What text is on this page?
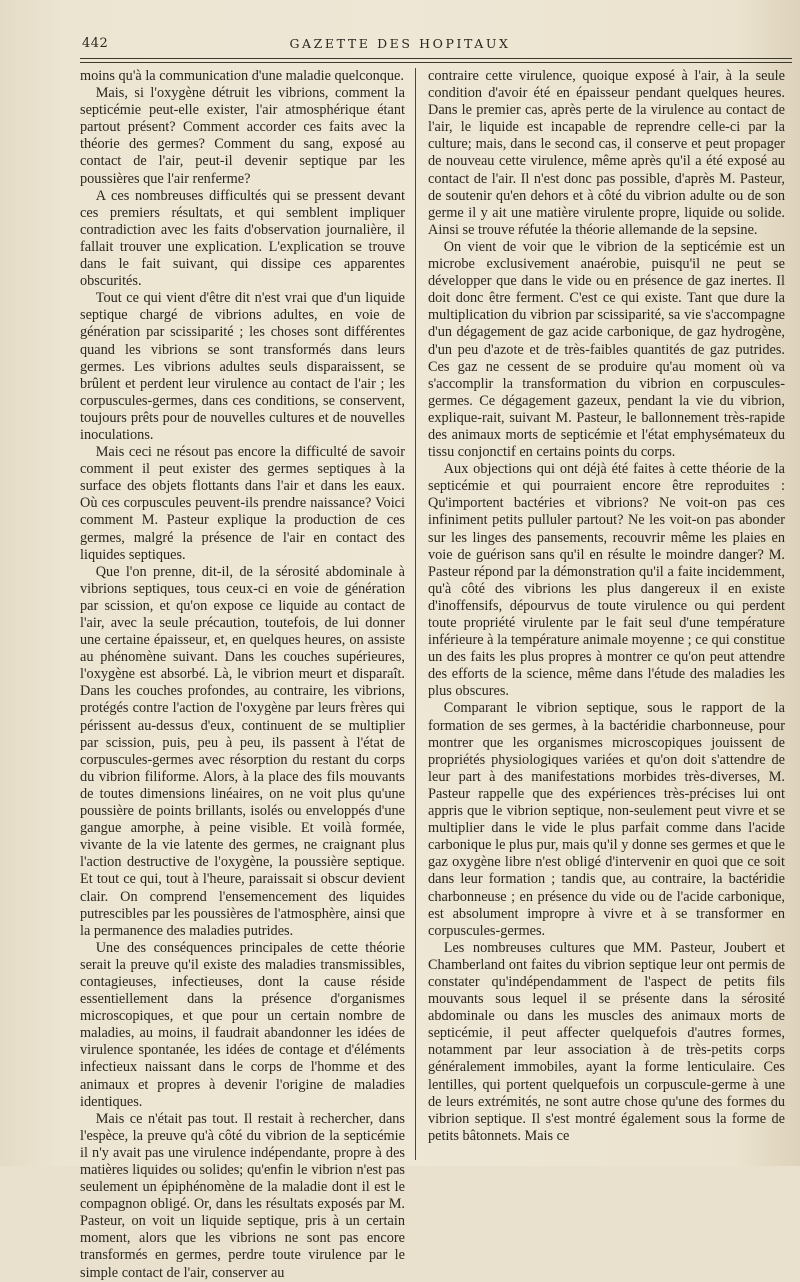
442	GAZETTE DES HOPITAUX

moins qu'à la communication d'une maladie quelconque.

Mais, si l'oxygène détruit les vibrions, comment la septicémie peut-elle exister, l'air atmosphérique étant partout présent? Comment accorder ces faits avec la théorie des germes? Comment du sang, exposé au contact de l'air, peut-il devenir septique par les poussières que l'air renferme?

A ces nombreuses difficultés qui se pressent devant ces premiers résultats, et qui semblent impliquer contradiction avec les faits d'observation journalière, il fallait trouver une explication. L'explication se trouve dans le fait suivant, qui dissipe ces apparentes obscurités.

Tout ce qui vient d'être dit n'est vrai que d'un liquide septique chargé de vibrions adultes, en voie de génération par scissiparité ; les choses sont différentes quand les vibrions se sont transformés dans leurs germes. Les vibrions adultes seuls disparaissent, se brûlent et perdent leur virulence au contact de l'air ; les corpuscules-germes, dans ces conditions, se conservent, toujours prêts pour de nouvelles cultures et de nouvelles inoculations.

Mais ceci ne résout pas encore la difficulté de savoir comment il peut exister des germes septiques à la surface des objets flottants dans l'air et dans les eaux. Où ces corpuscules peuvent-ils prendre naissance? Voici comment M. Pasteur explique la production de ces germes, malgré la présence de l'air en contact des liquides septiques.

Que l'on prenne, dit-il, de la sérosité abdominale à vibrions septiques, tous ceux-ci en voie de génération par scission, et qu'on expose ce liquide au contact de l'air, avec la seule précaution, toutefois, de lui donner une certaine épaisseur, et, en quelques heures, on assiste au phénomène suivant. Dans les couches supérieures, l'oxygène est absorbé. Là, le vibrion meurt et disparaît. Dans les couches profondes, au contraire, les vibrions, protégés contre l'action de l'oxygène par leurs frères qui périssent au-dessus d'eux, continuent de se multiplier par scission, puis, peu à peu, ils passent à l'état de corpuscules-germes avec résorption du restant du corps du vibrion filiforme. Alors, à la place des fils mouvants de toutes dimensions linéaires, on ne voit plus qu'une poussière de points brillants, isolés ou enveloppés d'une gangue amorphe, à peine visible. Et voilà formée, vivante de la vie latente des germes, ne craignant plus l'action destructive de l'oxygène, la poussière septique. Et tout ce qui, tout à l'heure, paraissait si obscur devient clair. On comprend l'ensemencement des liquides putrescibles par les poussières de l'atmosphère, ainsi que la permanence des maladies putrides.

Une des conséquences principales de cette théorie serait la preuve qu'il existe des maladies transmissibles, contagieuses, infectieuses, dont la cause réside essentiellement dans la présence d'organismes microscopiques, et que pour un certain nombre de maladies, au moins, il faudrait abandonner les idées de virulence spontanée, les idées de contage et d'éléments infectieux naissant dans le corps de l'homme et des animaux et propres à devenir l'origine de maladies identiques.

Mais ce n'était pas tout. Il restait à rechercher, dans l'espèce, la preuve qu'à côté du vibrion de la septicémie il n'y avait pas une virulence indépendante, propre à des matières liquides ou solides; qu'enfin le vibrion n'est pas seulement un épiphénomène de la maladie dont il est le compagnon obligé. Or, dans les résultats exposés par M. Pasteur, on voit un liquide septique, pris à un certain moment, alors que les vibrions ne sont pas encore transformés en germes, perdre toute virulence par le simple contact de l'air, conserver au

contraire cette virulence, quoique exposé à l'air, à la seule condition d'avoir été en épaisseur pendant quelques heures. Dans le premier cas, après perte de la virulence au contact de l'air, le liquide est incapable de reprendre celle-ci par la culture; mais, dans le second cas, il conserve et peut propager de nouveau cette virulence, même après qu'il a été exposé au contact de l'air. Il n'est donc pas possible, d'après M. Pasteur, de soutenir qu'en dehors et à côté du vibrion adulte ou de son germe il y ait une matière virulente propre, liquide ou solide. Ainsi se trouve réfutée la théorie allemande de la sepsine.

On vient de voir que le vibrion de la septicémie est un microbe exclusivement anaérobie, puisqu'il ne peut se développer que dans le vide ou en présence de gaz inertes. Il doit donc être ferment. C'est ce qui existe. Tant que dure la multiplication du vibrion par scissiparité, sa vie s'accompagne d'un dégagement de gaz acide carbonique, de gaz hydrogène, d'un peu d'azote et de très-faibles quantités de gaz putrides. Ces gaz ne cessent de se produire qu'au moment où va s'accomplir la transformation du vibrion en corpuscules-germes. Ce dégagement gazeux, pendant la vie du vibrion, explique-rait, suivant M. Pasteur, le ballonnement très-rapide des animaux morts de septicémie et l'état emphysémateux du tissu conjonctif en certains points du corps.

Aux objections qui ont déjà été faites à cette théorie de la septicémie et qui pourraient encore être reproduites : Qu'importent bactéries et vibrions? Ne voit-on pas ces infiniment petits pulluler partout? Ne les voit-on pas abonder sur les linges des pansements, recouvrir même les plaies en voie de guérison sans qu'il en résulte le moindre danger? M. Pasteur répond par la démonstration qu'il a faite incidemment, qu'à côté des vibrions les plus dangereux il en existe d'inoffensifs, dépourvus de toute virulence ou qui perdent toute propriété virulente par le fait seul d'une température inférieure à la température animale moyenne ; ce qui constitue un des faits les plus propres à montrer ce qu'on peut attendre des efforts de la science, même dans l'étude des maladies les plus obscures.

Comparant le vibrion septique, sous le rapport de la formation de ses germes, à la bactéridie charbonneuse, pour montrer que les organismes microscopiques jouissent de propriétés physiologiques variées et qu'on doit s'attendre de leur part à des manifestations morbides très-diverses, M. Pasteur rappelle que des expériences très-précises lui ont appris que le vibrion septique, non-seulement peut vivre et se multiplier dans le vide le plus parfait comme dans l'acide carbonique le plus pur, mais qu'il y donne ses germes et que le gaz oxygène libre n'est obligé d'intervenir en quoi que ce soit dans leur formation ; tandis que, au contraire, la bactéridie charbonneuse ; en présence du vide ou de l'acide carbonique, est absolument impropre à vivre et à se transformer en corpuscules-germes.

Les nombreuses cultures que MM. Pasteur, Joubert et Chamberland ont faites du vibrion septique leur ont permis de constater qu'indépendamment de l'aspect de petits fils mouvants sous lequel il se présente dans la sérosité abdominale ou dans les muscles des animaux morts de septicémie, il peut affecter quelquefois d'autres formes, notamment par leur association à de très-petits corps généralement immobiles, ayant la forme lenticulaire. Ces lentilles, qui portent quelquefois un corpuscule-germe à une de leurs extrémités, ne sont autre chose qu'une des formes du vibrion septique. Il s'est montré également sous la forme de petits bâtonnets. Mais ce
